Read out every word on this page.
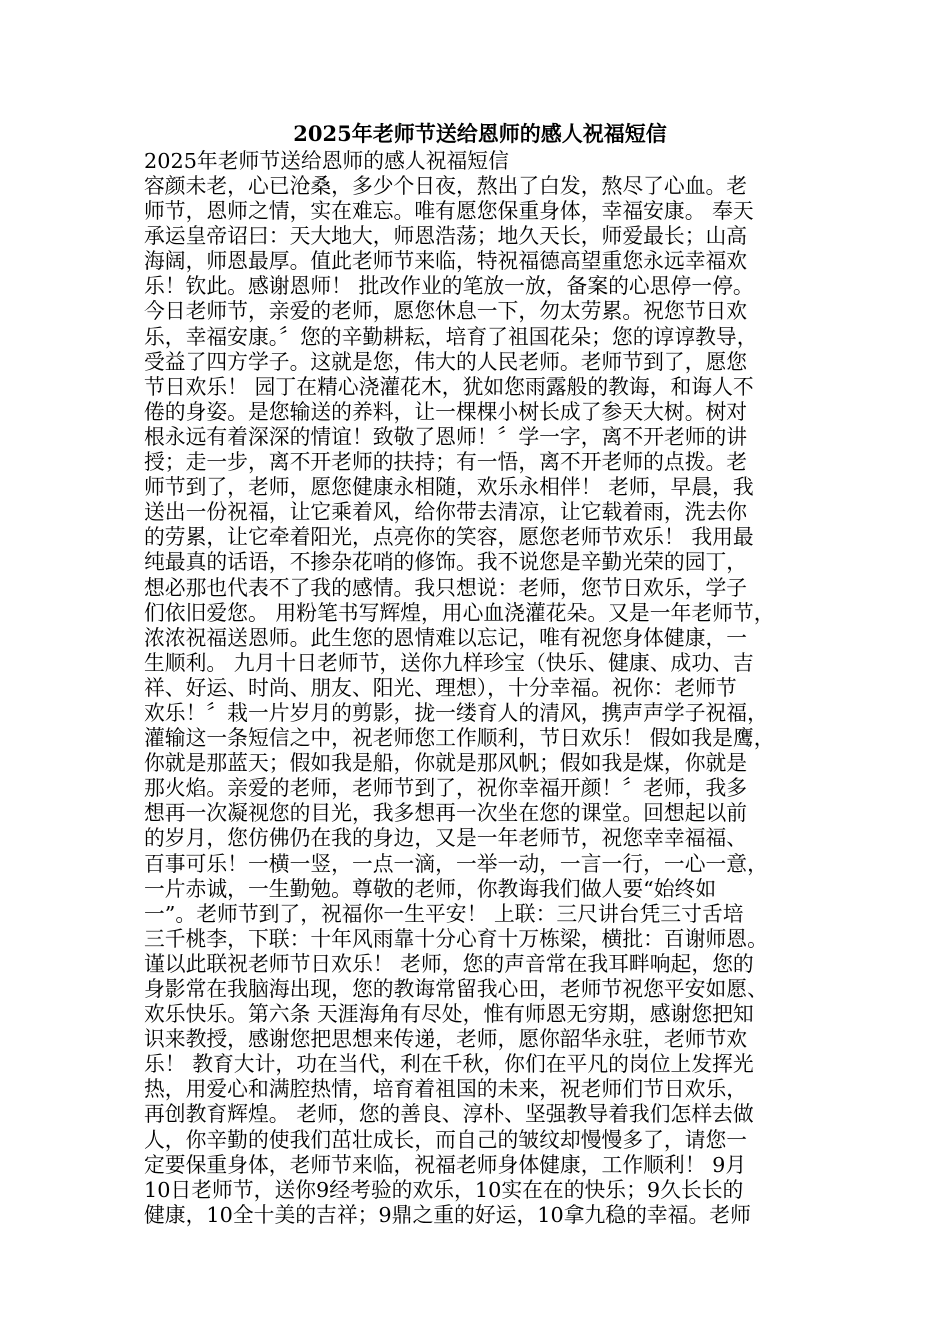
2025年老师节送给恩师的感人祝福短信
2025年老师节送给恩师的感人祝福短信
容颜未老，心已沧桑，多少个日夜，熬出了白发，熬尽了心血。老
师节，恩师之情，实在难忘。唯有愿您保重身体，幸福安康。 奉天
承运皇帝诏曰：天大地大，师恩浩荡；地久天长，师爱最长；山高
海阔，师恩最厚。值此老师节来临，特祝福德高望重您永远幸福欢
乐！钦此。感谢恩师！ 批改作业的笔放一放，备案的心思停一停。
今日老师节，亲爱的老师，愿您休息一下，勿太劳累。祝您节日欢
乐，幸福安康。〞您的辛勤耕耘，培育了祖国花朵；您的谆谆教导，
受益了四方学子。这就是您，伟大的人民老师。老师节到了，愿您
节日欢乐！ 园丁在精心浇灌花木，犹如您雨露般的教诲，和诲人不
倦的身姿。是您输送的养料，让一棵棵小树长成了参天大树。树对
根永远有着深深的情谊！致敬了恩师！〞学一字，离不开老师的讲
授；走一步，离不开老师的扶持；有一悟，离不开老师的点拨。老
师节到了，老师，愿您健康永相随，欢乐永相伴！ 老师，早晨，我
送出一份祝福，让它乘着风，给你带去清凉，让它载着雨，洗去你
的劳累，让它牵着阳光，点亮你的笑容，愿您老师节欢乐！ 我用最
纯最真的话语，不掺杂花哨的修饰。我不说您是辛勤光荣的园丁，
想必那也代表不了我的感情。我只想说：老师，您节日欢乐，学子
们依旧爱您。 用粉笔书写辉煌，用心血浇灌花朵。又是一年老师节，
浓浓祝福送恩师。此生您的恩情难以忘记，唯有祝您身体健康，一
生顺利。 九月十日老师节，送你九样珍宝（快乐、健康、成功、吉
祥、好运、时尚、朋友、阳光、理想），十分幸福。祝你：老师节
欢乐！〞栽一片岁月的剪影，拢一缕育人的清风，携声声学子祝福，
灌输这一条短信之中，祝老师您工作顺利，节日欢乐！ 假如我是鹰，
你就是那蓝天；假如我是船，你就是那风帆；假如我是煤，你就是
那火焰。亲爱的老师，老师节到了，祝你幸福开颜！〞老师，我多
想再一次凝视您的目光，我多想再一次坐在您的课堂。回想起以前
的岁月，您仿佛仍在我的身边，又是一年老师节，祝您幸幸福福、
百事可乐！一横一竖，一点一滴，一举一动，一言一行，一心一意，
一片赤诚，一生勤勉。尊敬的老师，你教诲我们做人要“始终如
一”。老师节到了，祝福你一生平安！ 上联：三尺讲台凭三寸舌培
三千桃李，下联：十年风雨靠十分心育十万栋梁，横批：百谢师恩。
谨以此联祝老师节日欢乐！ 老师，您的声音常在我耳畔响起，您的
身影常在我脑海出现，您的教诲常留我心田，老师节祝您平安如愿、
欢乐快乐。第六条 天涯海角有尽处，惟有师恩无穷期，感谢您把知
识来教授，感谢您把思想来传递，老师，愿你韶华永驻，老师节欢
乐！ 教育大计，功在当代，利在千秋，你们在平凡的岗位上发挥光
热，用爱心和满腔热情，培育着祖国的未来，祝老师们节日欢乐，
再创教育辉煌。 老师，您的善良、淳朴、坚强教导着我们怎样去做
人，你辛勤的使我们茁壮成长，而自己的皱纹却慢慢多了，请您一
定要保重身体，老师节来临，祝福老师身体健康，工作顺利！ 9月
10日老师节，送你9经考验的欢乐，10实在在的快乐；9久长长的
健康，10全十美的吉祥；9鼎之重的好运，10拿九稳的幸福。老师
